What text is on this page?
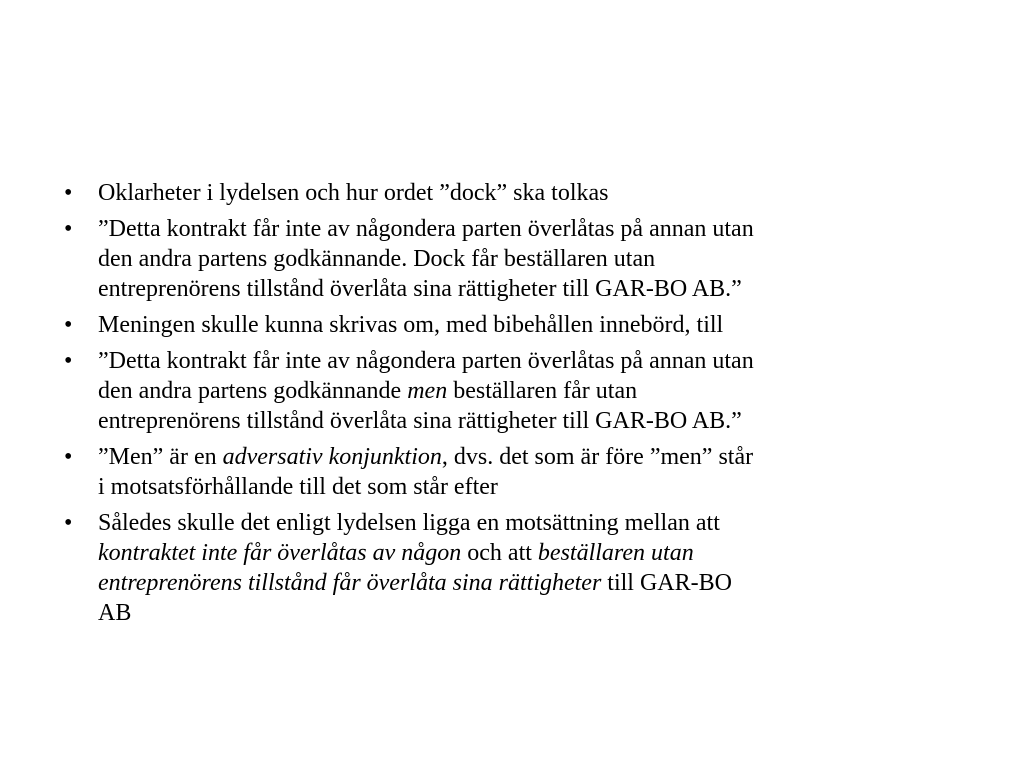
• Oklarheter i lydelsen och hur ordet ”dock” ska tolkas
• ”Detta kontrakt får inte av någondera parten överlåtas på annan utan
den andra partens godkännande. Dock får beställaren utan
entreprenörens tillstånd överlåta sina rättigheter till GAR-BO AB.”
• Meningen skulle kunna skrivas om, med bibehållen innebörd, till
• ”Detta kontrakt får inte av någondera parten överlåtas på annan utan
den andra partens godkännande men beställaren får utan
entreprenörens tillstånd överlåta sina rättigheter till GAR-BO AB.”
• ”Men” är en adversativ konjunktion, dvs. det som är före ”men” står
i motsatsförhållande till det som står efter
• Således skulle det enligt lydelsen ligga en motsättning mellan att
kontraktet inte får överlåtas av någon och att beställaren utan
entreprenörens tillstånd får överlåta sina rättigheter till GAR-BO
AB
